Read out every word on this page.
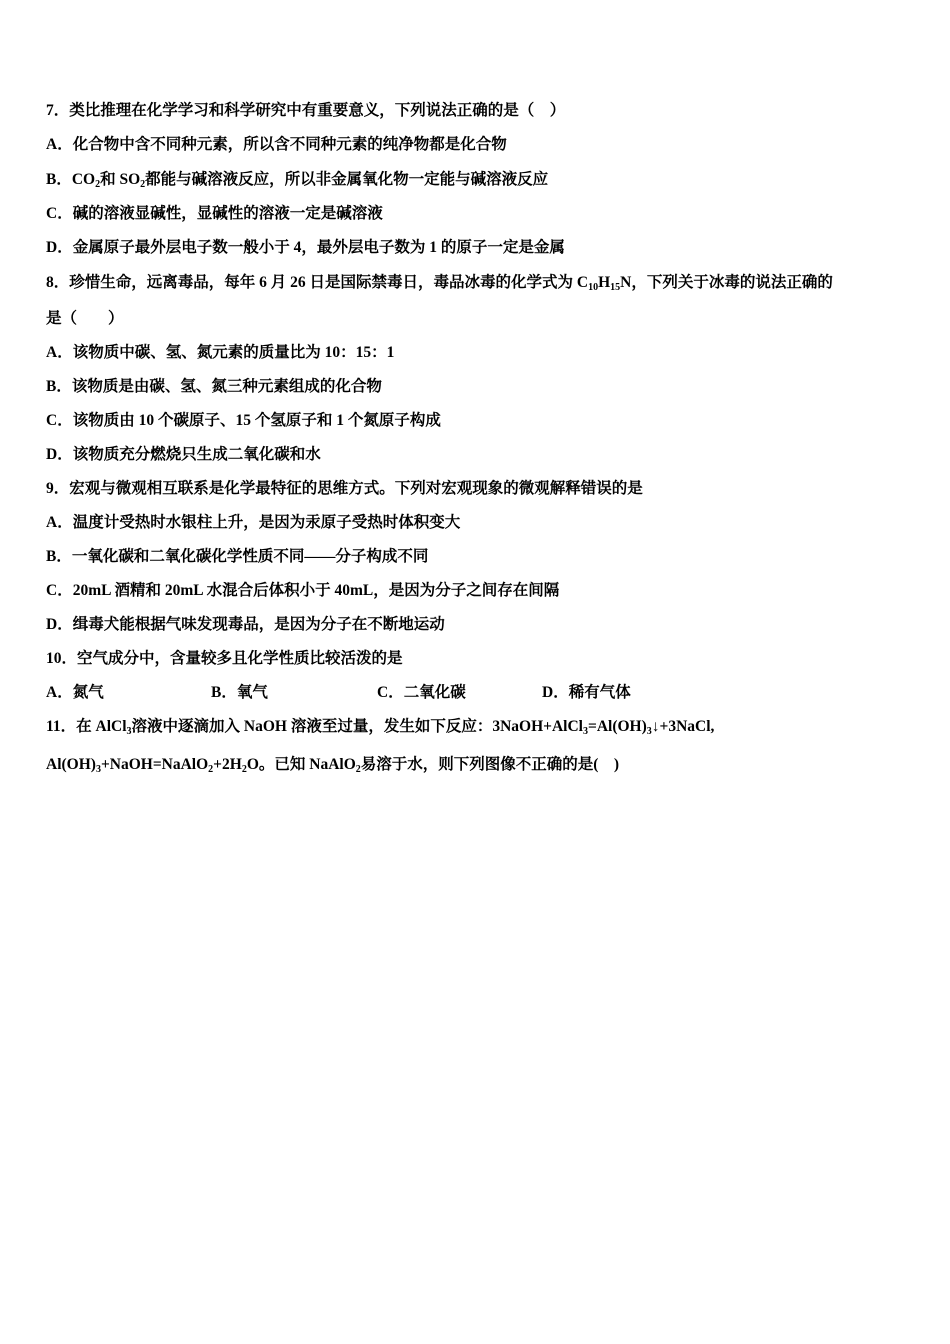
7．类比推理在化学学习和科学研究中有重要意义，下列说法正确的是（　）
A．化合物中含不同种元素，所以含不同种元素的纯净物都是化合物
B．$CO_2$和 $SO_2$都能与碱溶液反应，所以非金属氧化物一定能与碱溶液反应
C．碱的溶液显碱性，显碱性的溶液一定是碱溶液
D．金属原子最外层电子数一般小于 4，最外层电子数为 1 的原子一定是金属
8．珍惜生命，远离毒品，每年 6 月 26 日是国际禁毒日，毒品冰毒的化学式为 $C_{10}H_{15}N$，下列关于冰毒的说法正确的
是（　　）
A．该物质中碳、氢、氮元素的质量比为 10：15：1
B．该物质是由碳、氢、氮三种元素组成的化合物
C．该物质由 10 个碳原子、15 个氢原子和 1 个氮原子构成
D．该物质充分燃烧只生成二氧化碳和水
9．宏观与微观相互联系是化学最特征的思维方式。下列对宏观现象的微观解释错误的是
A．温度计受热时水银柱上升，是因为汞原子受热时体积变大
B．一氧化碳和二氧化碳化学性质不同——分子构成不同
C．20mL 酒精和 20mL 水混合后体积小于 40mL，是因为分子之间存在间隔
D．缉毒犬能根据气味发现毒品，是因为分子在不断地运动
10．空气成分中，含量较多且化学性质比较活泼的是
A．氮气	B．氧气	C．二氧化碳	D．稀有气体
11．在 AlCl$_3$溶液中逐滴加入 NaOH 溶液至过量，发生如下反应：$3NaOH+AlCl_3=Al(OH)_3↓+3NaCl$,
$Al(OH)_3+NaOH=NaAlO_2+2H_2O$。已知 NaAlO$_2$易溶于水，则下列图像不正确的是(　)
